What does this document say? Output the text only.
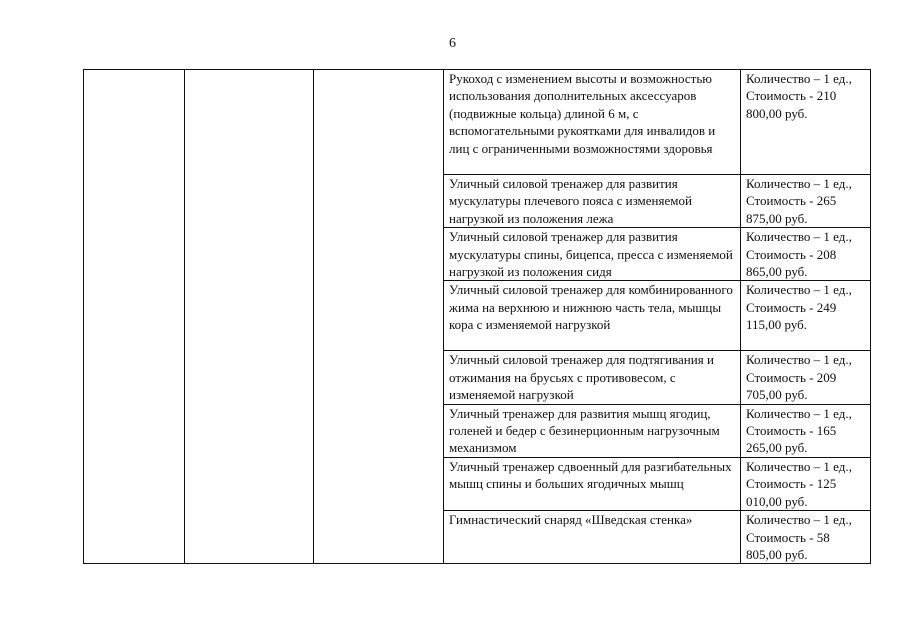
6
			Рукоход с изменением высоты и возможностью использования дополнительных аксессуаров (подвижные кольца) длиной 6 м, с вспомогательными рукоятками для инвалидов и лиц с ограниченными возможностями здоровья	Количество – 1 ед.,
Стоимость - 210 800,00 руб.

			Уличный силовой тренажер для развития мускулатуры плечевого пояса с изменяемой нагрузкой из положения лежа	Количество – 1 ед.,
Стоимость - 265 875,00 руб.

			Уличный силовой тренажер для развития мускулатуры спины, бицепса, пресса с изменяемой нагрузкой из положения сидя	Количество – 1 ед.,
Стоимость - 208 865,00 руб.

			Уличный силовой тренажер для комбинированного жима на верхнюю и нижнюю часть тела, мышцы кора с изменяемой нагрузкой	Количество – 1 ед.,
Стоимость - 249 115,00 руб.

			Уличный силовой тренажер для подтягивания и отжимания на брусьях с противовесом, с изменяемой нагрузкой	Количество – 1 ед.,
Стоимость - 209 705,00 руб.

			Уличный тренажер для развития мышц ягодиц, голеней и бедер с безинерционным нагрузочным механизмом	Количество – 1 ед.,
Стоимость - 165 265,00 руб.

			Уличный тренажер сдвоенный для разгибательных мышц спины и больших ягодичных мышц	Количество – 1 ед.,
Стоимость - 125 010,00 руб.

			Гимнастический снаряд «Шведская стенка»	Количество – 1 ед.,
Стоимость - 58 805,00 руб.
